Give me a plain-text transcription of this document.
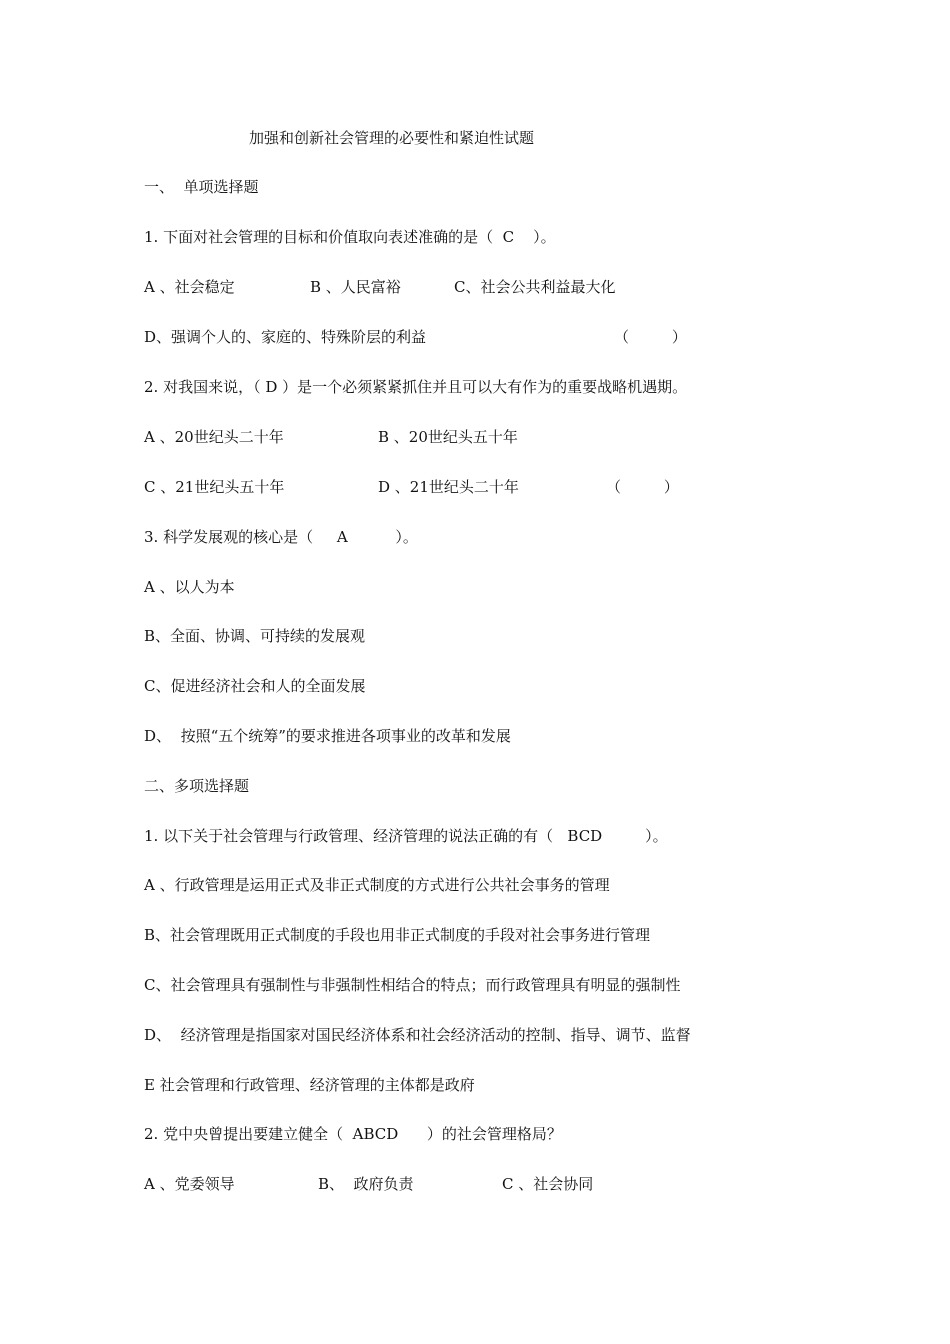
加强和创新社会管理的必要性和紧迫性试题
一、  单项选择题
1. 下面对社会管理的目标和价值取向表述准确的是（  C    ）。

A 、社会稳定

	B 、人民富裕

	C、社会公共利益最大化

D、强调个人的、家庭的、特殊阶层的利益

	（         ）

2. 对我国来说，（ D ）是一个必须紧紧抓住并且可以大有作为的重要战略机遇期。

A 、20世纪头二十年

	B 、20世纪头五十年

C 、21世纪头五十年

	D 、21世纪头二十年

	（         ）

3. 科学发展观的核心是（     A          ）。
A 、以人为本
B、全面、协调、可持续的发展观
C、促进经济社会和人的全面发展
D、  按照“五个统筹”的要求推进各项事业的改革和发展
二、多项选择题
1. 以下关于社会管理与行政管理、经济管理的说法正确的有（   BCD         ）。
A 、行政管理是运用正式及非正式制度的方式进行公共社会事务的管理
B、社会管理既用正式制度的手段也用非正式制度的手段对社会事务进行管理
C、社会管理具有强制性与非强制性相结合的特点；而行政管理具有明显的强制性
D、  经济管理是指国家对国民经济体系和社会经济活动的控制、指导、调节、监督
E 社会管理和行政管理、经济管理的主体都是政府
2. 党中央曾提出要建立健全（  ABCD      ）的社会管理格局？

A 、党委领导

	B、  政府负责

	C 、社会协同
